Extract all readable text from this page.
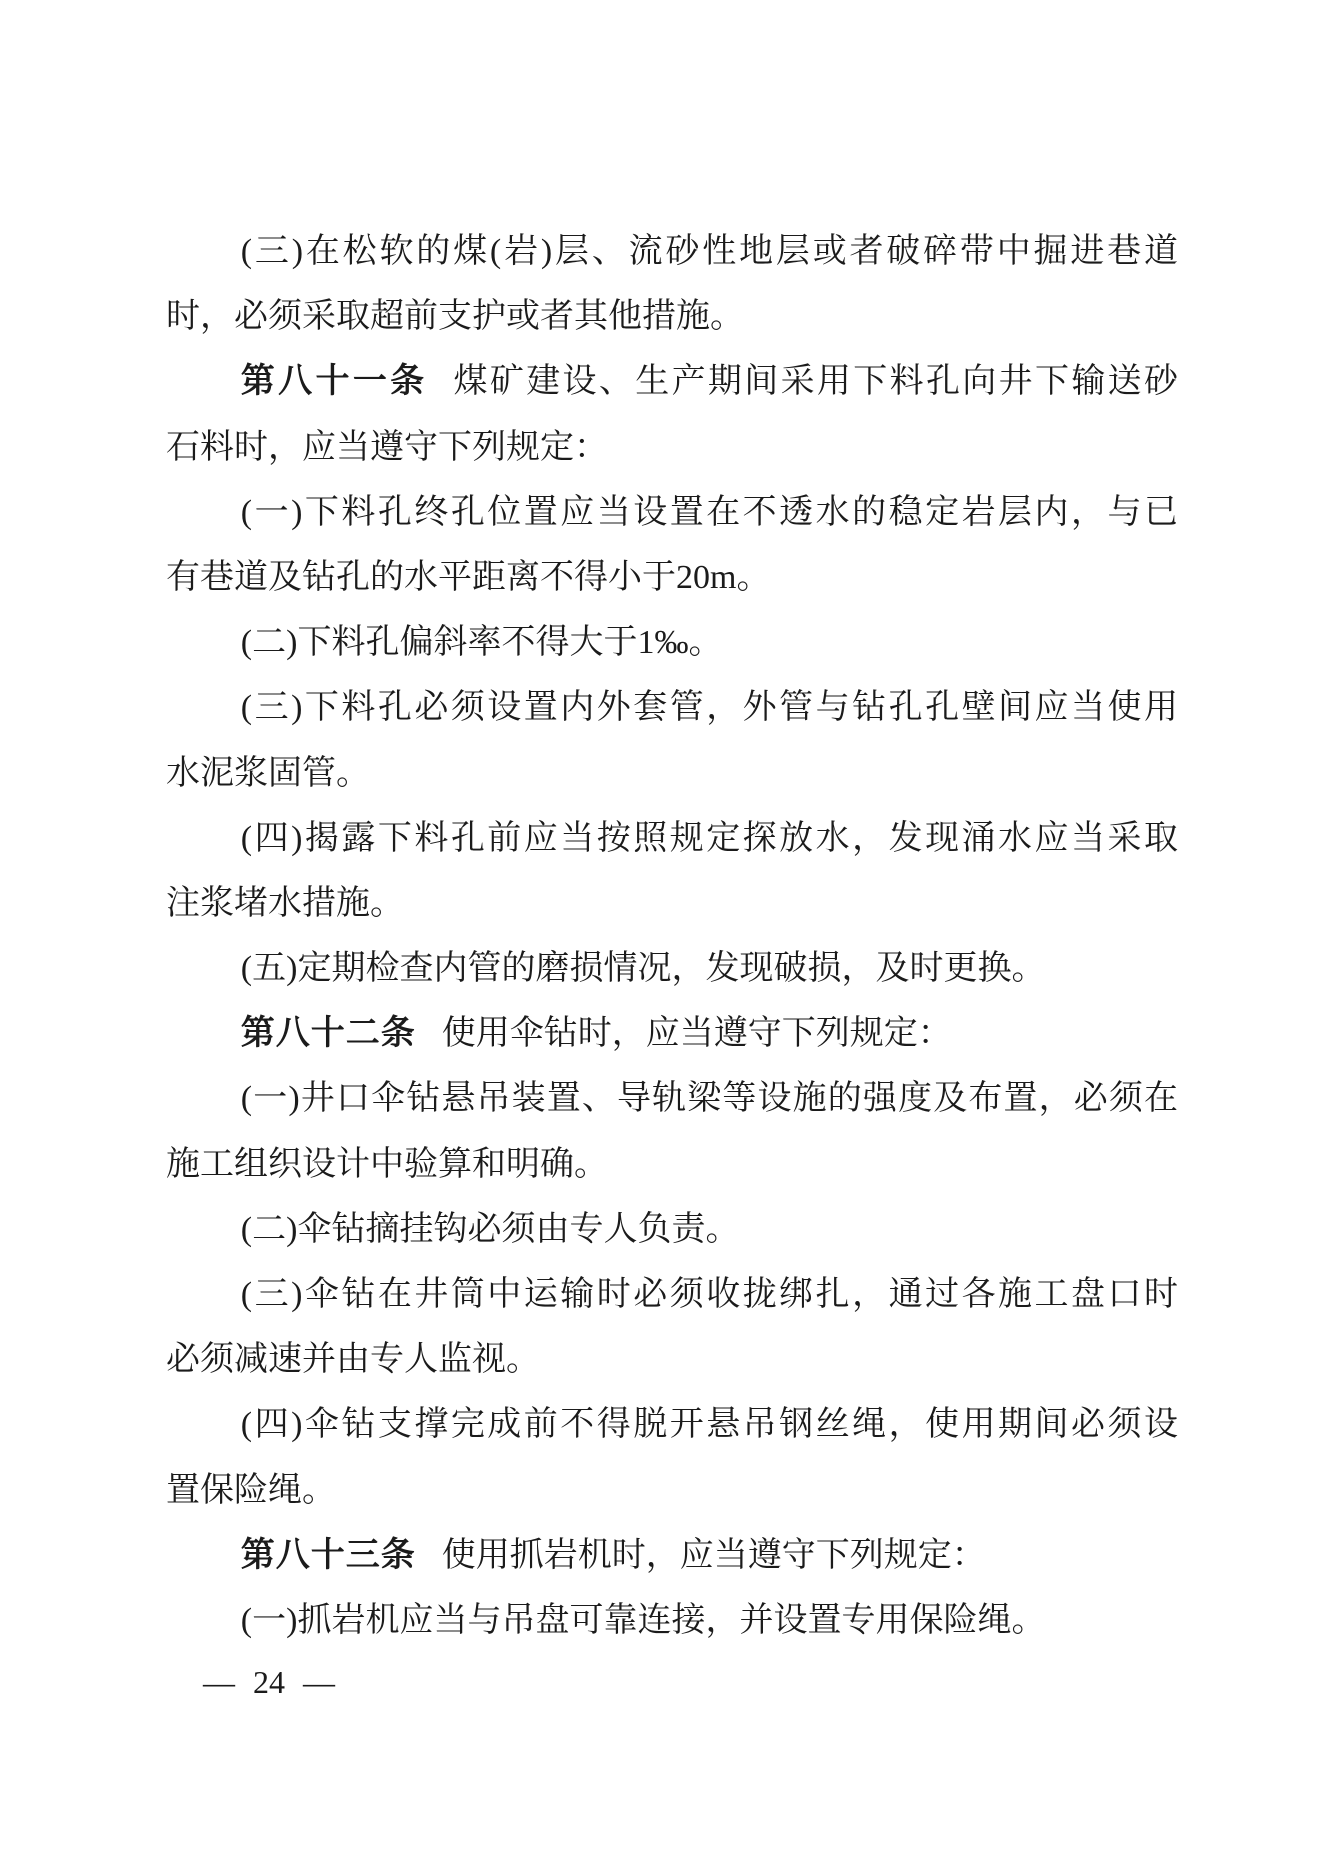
(三)在松软的煤(岩)层、流砂性地层或者破碎带中掘进巷道
时，必须采取超前支护或者其他措施。
第八十一条 煤矿建设、生产期间采用下料孔向井下输送砂
石料时，应当遵守下列规定：
(一)下料孔终孔位置应当设置在不透水的稳定岩层内，与已
有巷道及钻孔的水平距离不得小于20m。
(二)下料孔偏斜率不得大于1‰。
(三)下料孔必须设置内外套管，外管与钻孔孔壁间应当使用
水泥浆固管。
(四)揭露下料孔前应当按照规定探放水，发现涌水应当采取
注浆堵水措施。
(五)定期检查内管的磨损情况，发现破损，及时更换。
第八十二条 使用伞钻时，应当遵守下列规定：
(一)井口伞钻悬吊装置、导轨梁等设施的强度及布置，必须在
施工组织设计中验算和明确。
(二)伞钻摘挂钩必须由专人负责。
(三)伞钻在井筒中运输时必须收拢绑扎，通过各施工盘口时
必须减速并由专人监视。
(四)伞钻支撑完成前不得脱开悬吊钢丝绳，使用期间必须设
置保险绳。
第八十三条 使用抓岩机时，应当遵守下列规定：
(一)抓岩机应当与吊盘可靠连接，并设置专用保险绳。
— 24 —
